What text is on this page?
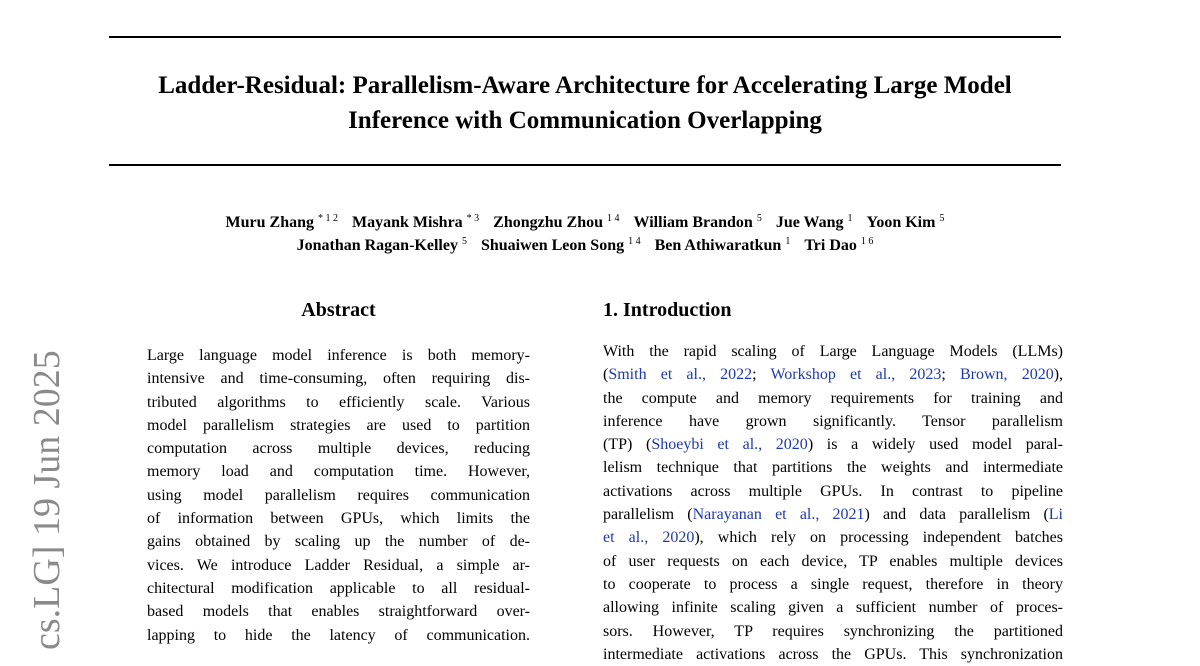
Ladder-Residual: Parallelism-Aware Architecture for Accelerating Large Model
Inference with Communication Overlapping
Muru Zhang $^{* 1 2}$ Mayank Mishra $^{* 3}$ Zhongzhu Zhou $^{1 4}$ William Brandon $^5$ Jue Wang $^1$ Yoon Kim $^5$
Jonathan Ragan-Kelley $^5$ Shuaiwen Leon Song $^{1 4}$ Ben Athiwaratkun $^1$ Tri Dao $^{1 6}$
cs.LG] 19 Jun 2025
Abstract

Large language model inference is both memory-
intensive and time-consuming, often requiring dis-
tributed algorithms to efficiently scale. Various
model parallelism strategies are used to partition
computation across multiple devices, reducing
memory load and computation time. However,
using model parallelism requires communication
of information between GPUs, which limits the
gains obtained by scaling up the number of de-
vices. We introduce Ladder Residual, a simple ar-
chitectural modification applicable to all residual-
based models that enables straightforward over-
lapping to hide the latency of communication.

1. Introduction

With the rapid scaling of Large Language Models (LLMs)
(Smith et al., 2022; Workshop et al., 2023; Brown, 2020),
the compute and memory requirements for training and
inference have grown significantly. Tensor parallelism
(TP) (Shoeybi et al., 2020) is a widely used model paral-
lelism technique that partitions the weights and intermediate
activations across multiple GPUs. In contrast to pipeline
parallelism (Narayanan et al., 2021) and data parallelism (Li
et al., 2020), which rely on processing independent batches
of user requests on each device, TP enables multiple devices
to cooperate to process a single request, therefore in theory
allowing infinite scaling given a sufficient number of proces-
sors. However, TP requires synchronizing the partitioned
intermediate activations across the GPUs. This synchronization
